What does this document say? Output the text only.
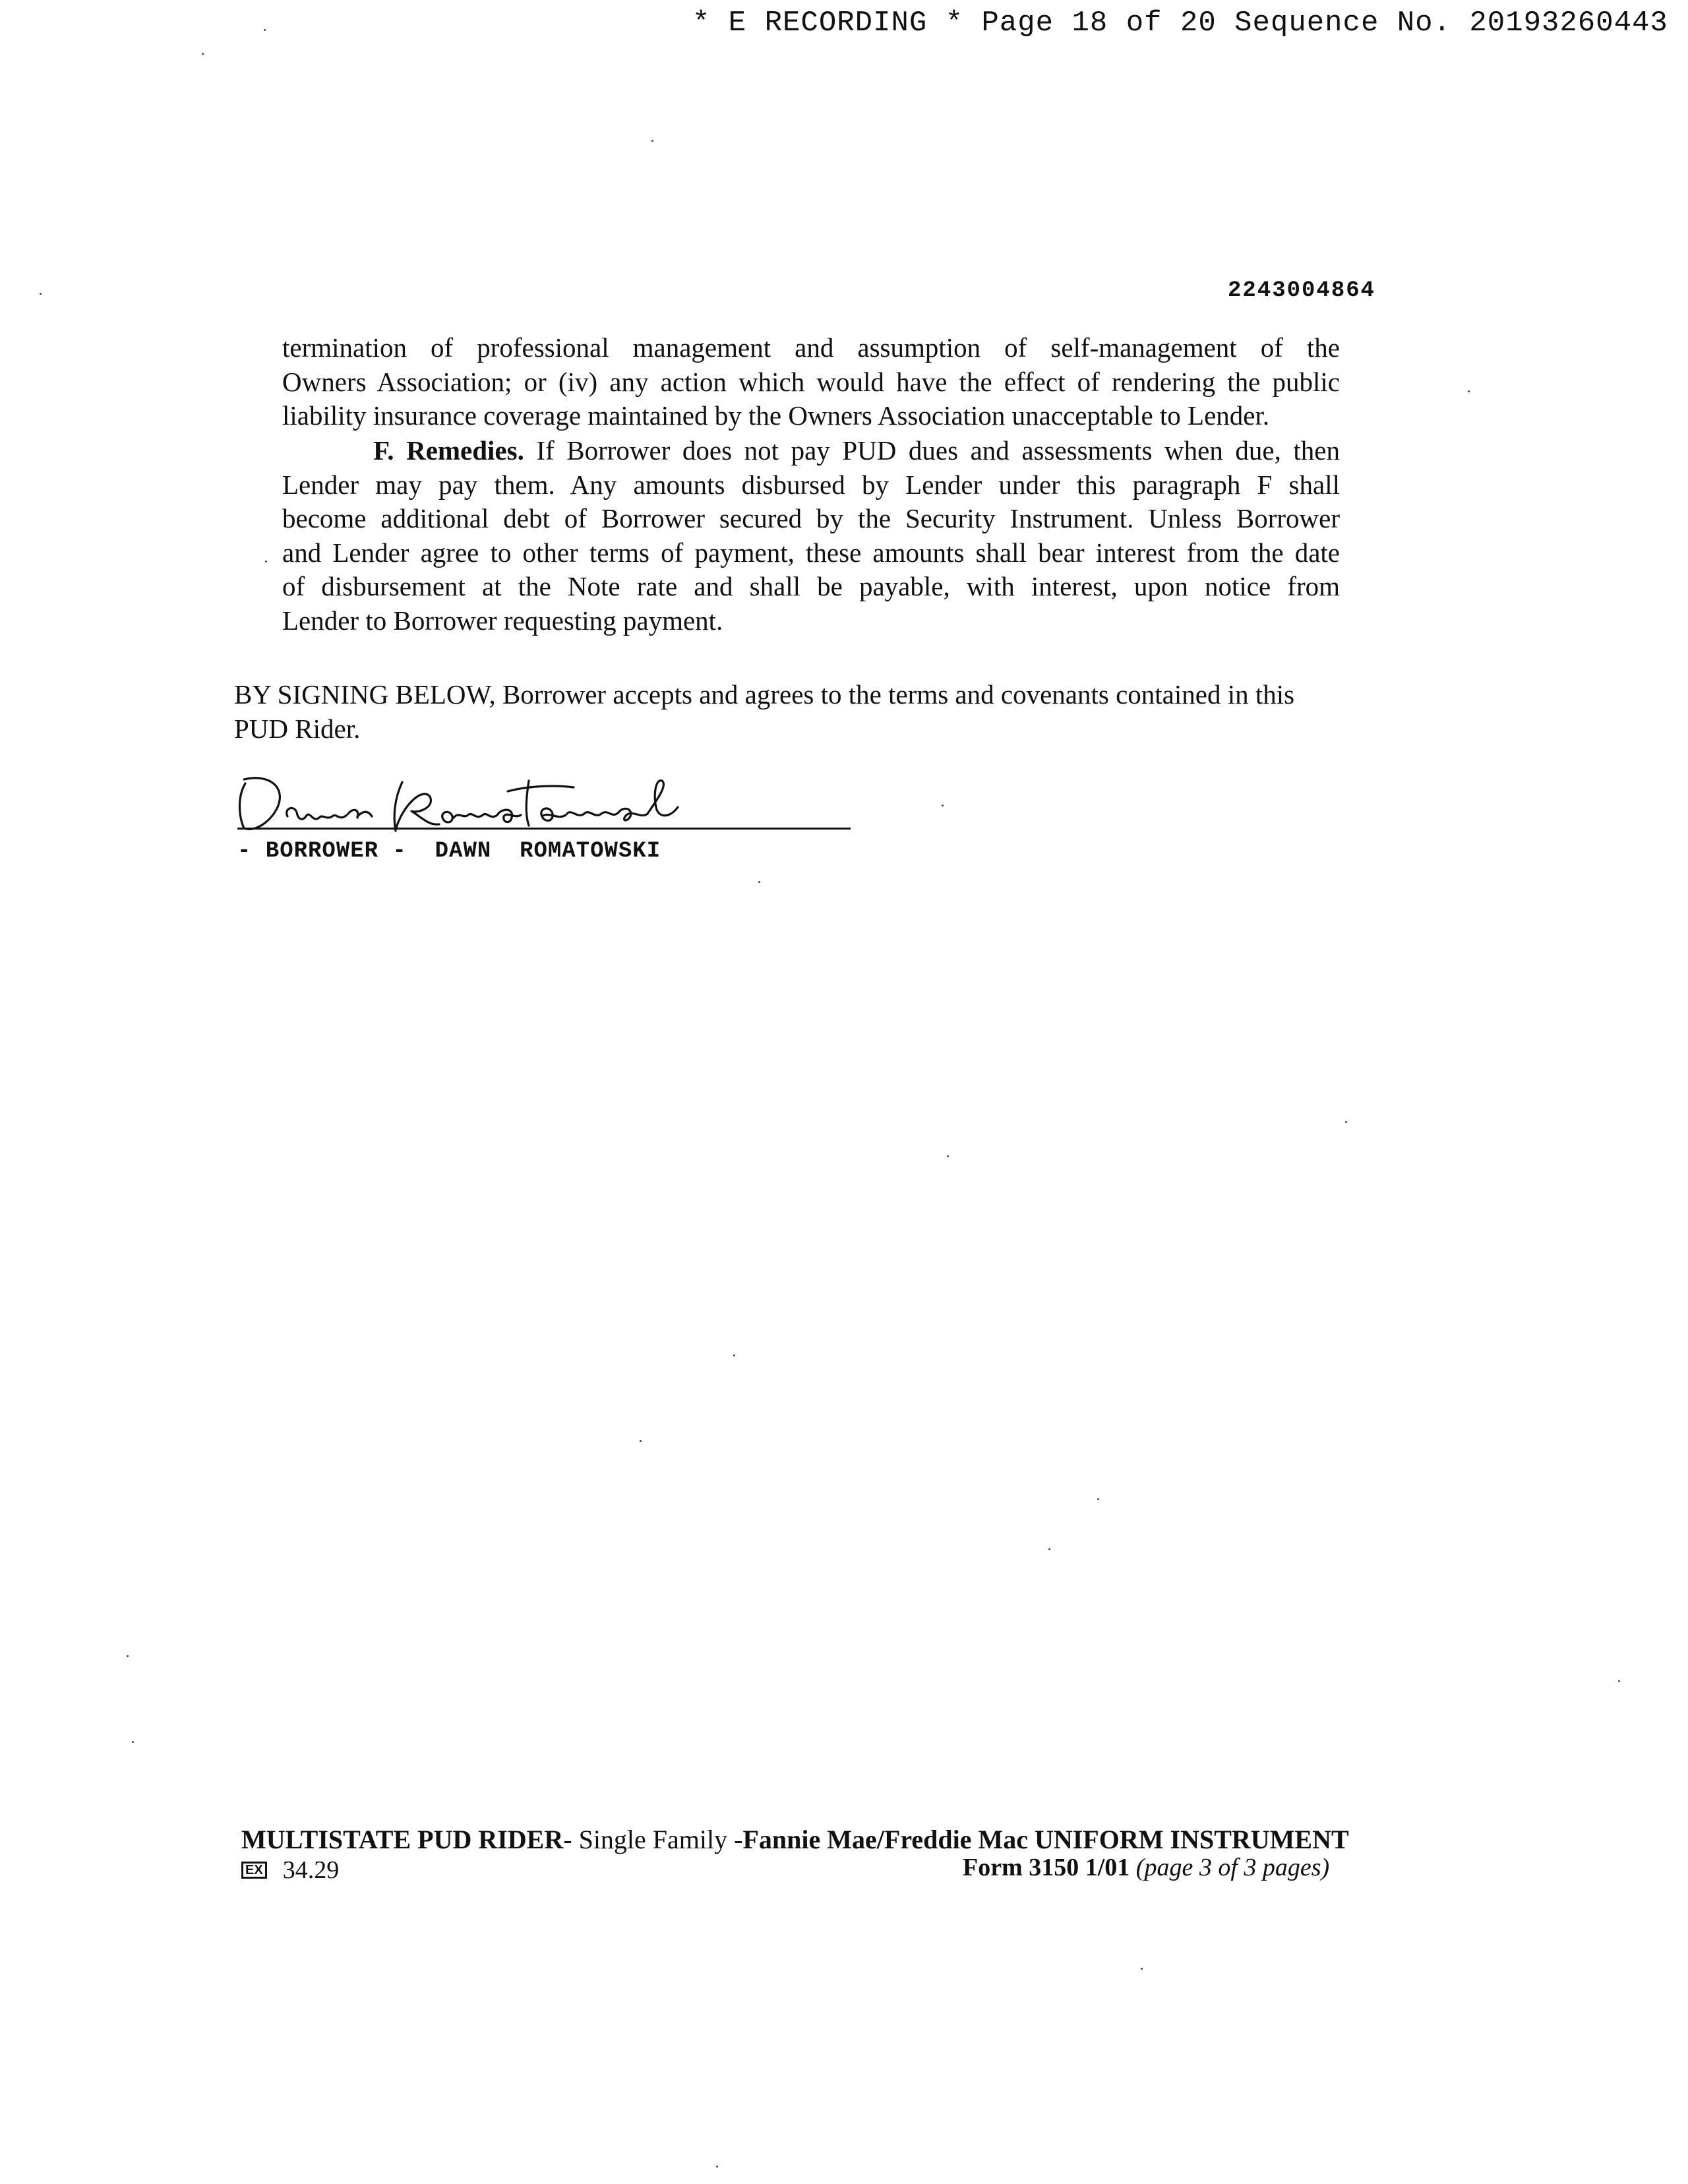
* E RECORDING * Page 18 of 20 Sequence No. 20193260443
2243004864
termination of professional management and assumption of self-management of the
Owners Association; or (iv) any action which would have the effect of rendering the public
liability insurance coverage maintained by the Owners Association unacceptable to Lender.
F. Remedies. If Borrower does not pay PUD dues and assessments when due, then
Lender may pay them. Any amounts disbursed by Lender under this paragraph F shall
become additional debt of Borrower secured by the Security Instrument. Unless Borrower
and Lender agree to other terms of payment, these amounts shall bear interest from the date
of disbursement at the Note rate and shall be payable, with interest, upon notice from
Lender to Borrower requesting payment.
BY SIGNING BELOW, Borrower accepts and agrees to the terms and covenants contained in this
PUD Rider.
- BORROWER -  DAWN  ROMATOWSKI
MULTISTATE PUD RIDER- Single Family -Fannie Mae/Freddie Mac UNIFORM INSTRUMENT
EX 34.29	Form 3150 1/01 (page 3 of 3 pages)
